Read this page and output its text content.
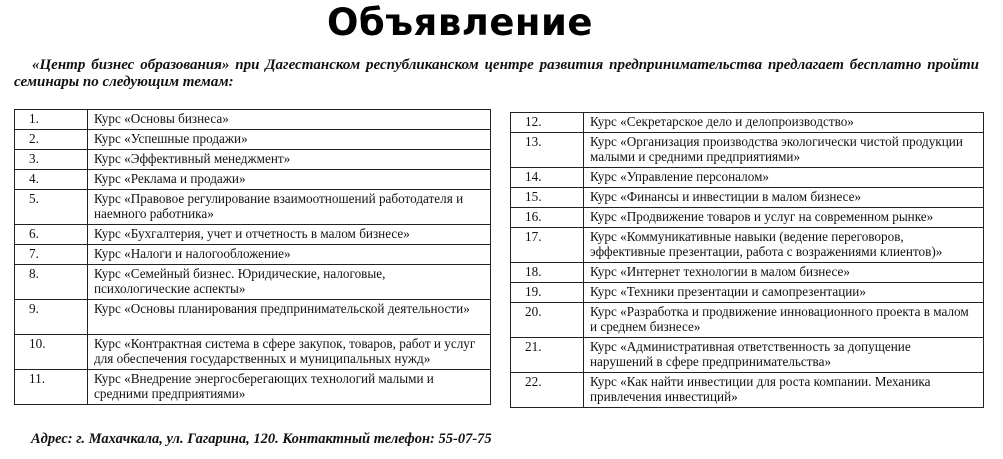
Объявление
«Центр бизнес образования» при Дагестанском республиканском центре развития предпринимательства предлагает бесплатно пройти семинары по следующим темам:
1.	Курс «Основы бизнеса»
2.	Курс «Успешные продажи»
3.	Курс «Эффективный менеджмент»
4.	Курс «Реклама и продажи»
5.	Курс «Правовое регулирование взаимоотношений работодателя и наемного работника»
6.	Курс «Бухгалтерия, учет и отчетность в малом бизнесе»
7.	Курс «Налоги и налогообложение»
8.	Курс «Семейный бизнес. Юридические, налоговые, психологические аспекты»
9.	Курс «Основы планирования предпринимательской деятельности»
10.	Курс «Контрактная система в сфере закупок, товаров, работ и услуг для обеспечения государственных и муниципальных нужд»
11.	Курс «Внедрение энергосберегающих технологий малыми и средними предприятиями»
12.	Курс «Секретарское дело и делопроизводство»
13.	Курс «Организация производства экологически чистой продукции малыми и средними предприятиями»
14.	Курс «Управление персоналом»
15.	Курс «Финансы и инвестиции в малом бизнесе»
16.	Курс «Продвижение товаров и услуг на современном рынке»
17.	Курс «Коммуникативные навыки (ведение переговоров, эффективные презентации, работа с возражениями клиентов)»
18.	Курс «Интернет технологии в малом бизнесе»
19.	Курс «Техники презентации и самопрезентации»
20.	Курс «Разработка и продвижение инновационного проекта в малом и среднем бизнесе»
21.	Курс «Административная ответственность за допущение нарушений в сфере предпринимательства»
22.	Курс «Как найти инвестиции для роста компании. Механика привлечения инвестиций»
Адрес: г. Махачкала, ул. Гагарина, 120. Контактный телефон: 55-07-75
